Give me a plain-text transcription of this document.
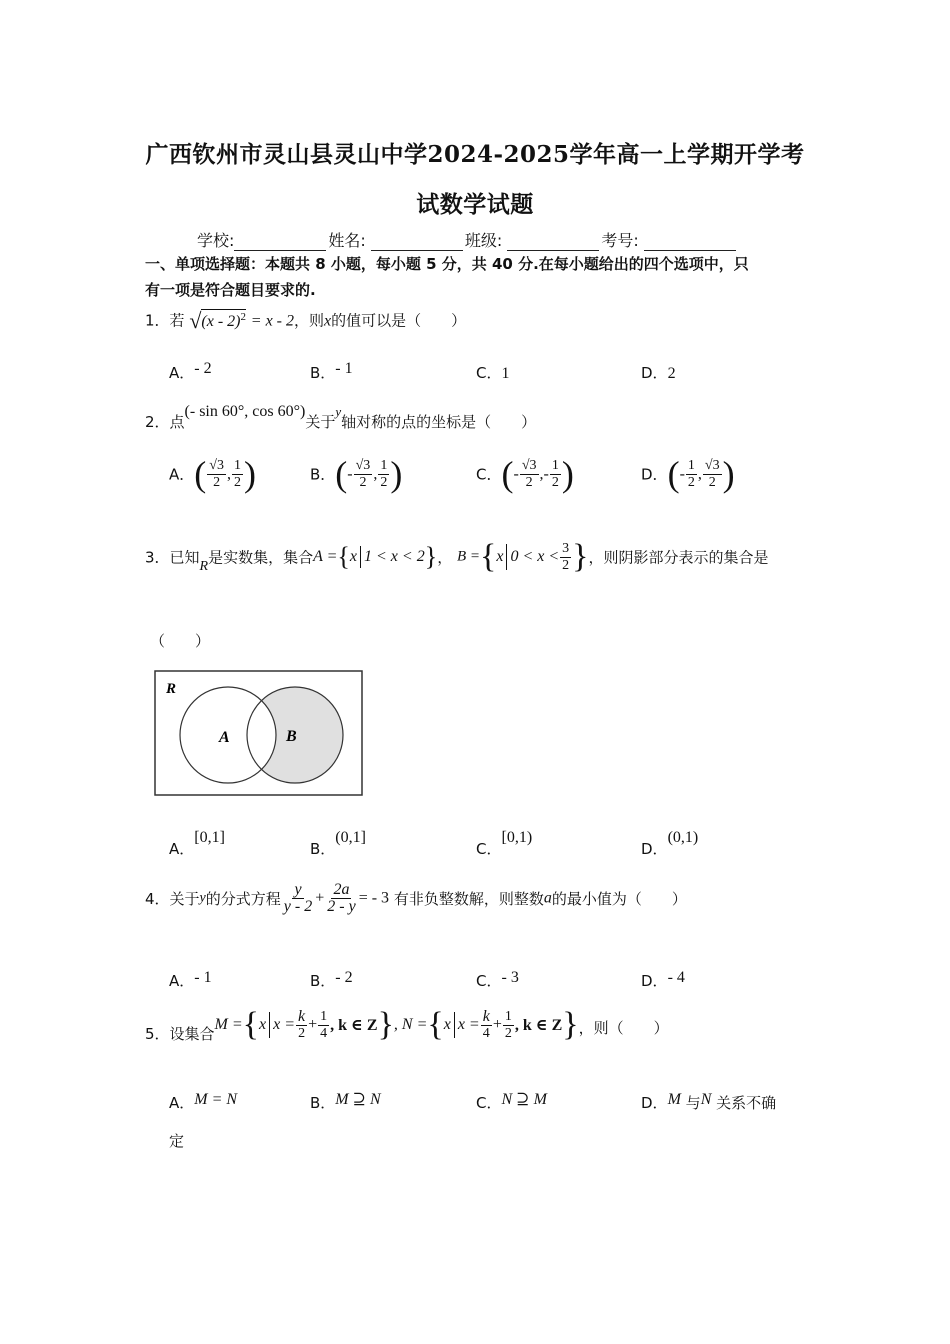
广西钦州市灵山县灵山中学2024-2025学年高一上学期开学考
试数学试题
学校:	姓名:	班级:	考号:
一、单项选择题：本题共 8 小题，每小题 5 分，共 40 分.在每小题给出的四个选项中，只
有一项是符合题目要求的.
1．若 √(x - 2)$^2$ = x - 2，则x的值可以是（　　）
A．- 2	B．- 1	C．1	D．2
2．点(- sin 60°, cos 60°)关于y轴对称的点的坐标是（　　）
A．( $\frac{√3}{2}$ , $\frac{1}{2}$ )	B．(- $\frac{√3}{2}$ , $\frac{1}{2}$ )	C．(- $\frac{√3}{2}$ ,- $\frac{1}{2}$ )	D．(- $\frac{1}{2}$ , $\frac{√3}{2}$ )
3．已知R是实数集，集合A ={x 1 < x < 2}， B ={x $0 < x < \frac{3}{2}$ }，则阴影部分表示的集合是
（　　）
R
A	B
A．[0,1]
B．(0,1]
C．[0,1)
D．(0,1)
4．关于y的分式方程 $\frac{y}{y - 2} + \frac{2a}{2 - y}$ = - 3 有非负整数解，则整数a的最小值为（　　）
A．- 1	B．- 2	C．- 3	D．- 4
5．设集合M ={x $x = \frac{k}{2} + \frac{1}{4}$ , k ∈ Z}, N ={x $x = \frac{k}{4} + \frac{1}{2}$ , k ∈ Z}，则（　　）
A．M = N	B．M ⊇ N	C．N ⊇ M	D．M 与N 关系不确
定
